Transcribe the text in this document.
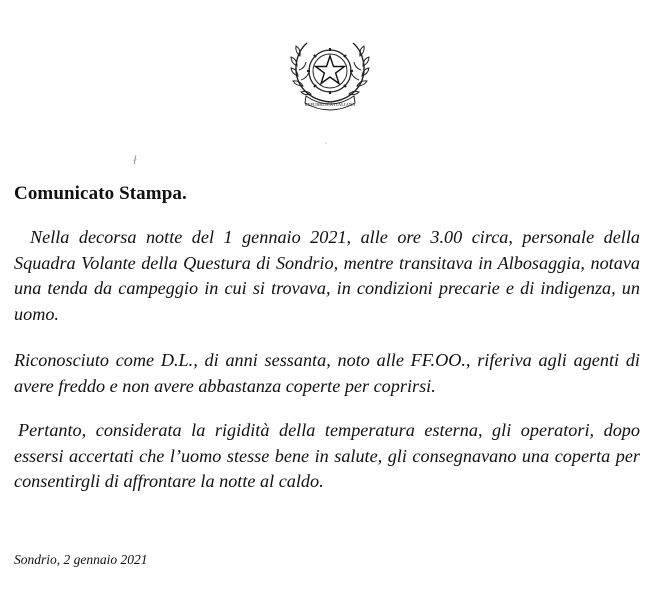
REPUBBLICA ITALIANA
ł
·
Comunicato Stampa.

Nella decorsa notte del 1 gennaio 2021, alle ore 3.00 circa, personale della Squadra Volante della Questura di Sondrio, mentre transitava in Albosaggia, notava una tenda da campeggio in cui si trovava, in condizioni precarie e di indigenza, un uomo.

Riconosciuto come D.L., di anni sessanta, noto alle FF.OO., riferiva agli agenti di avere freddo e non avere abbastanza coperte per coprirsi.

Pertanto, considerata la rigidità della temperatura esterna, gli operatori, dopo essersi accertati che l’uomo stesse bene in salute, gli consegnavano una coperta per consentirgli di affrontare la notte al caldo.

Sondrio, 2 gennaio 2021
